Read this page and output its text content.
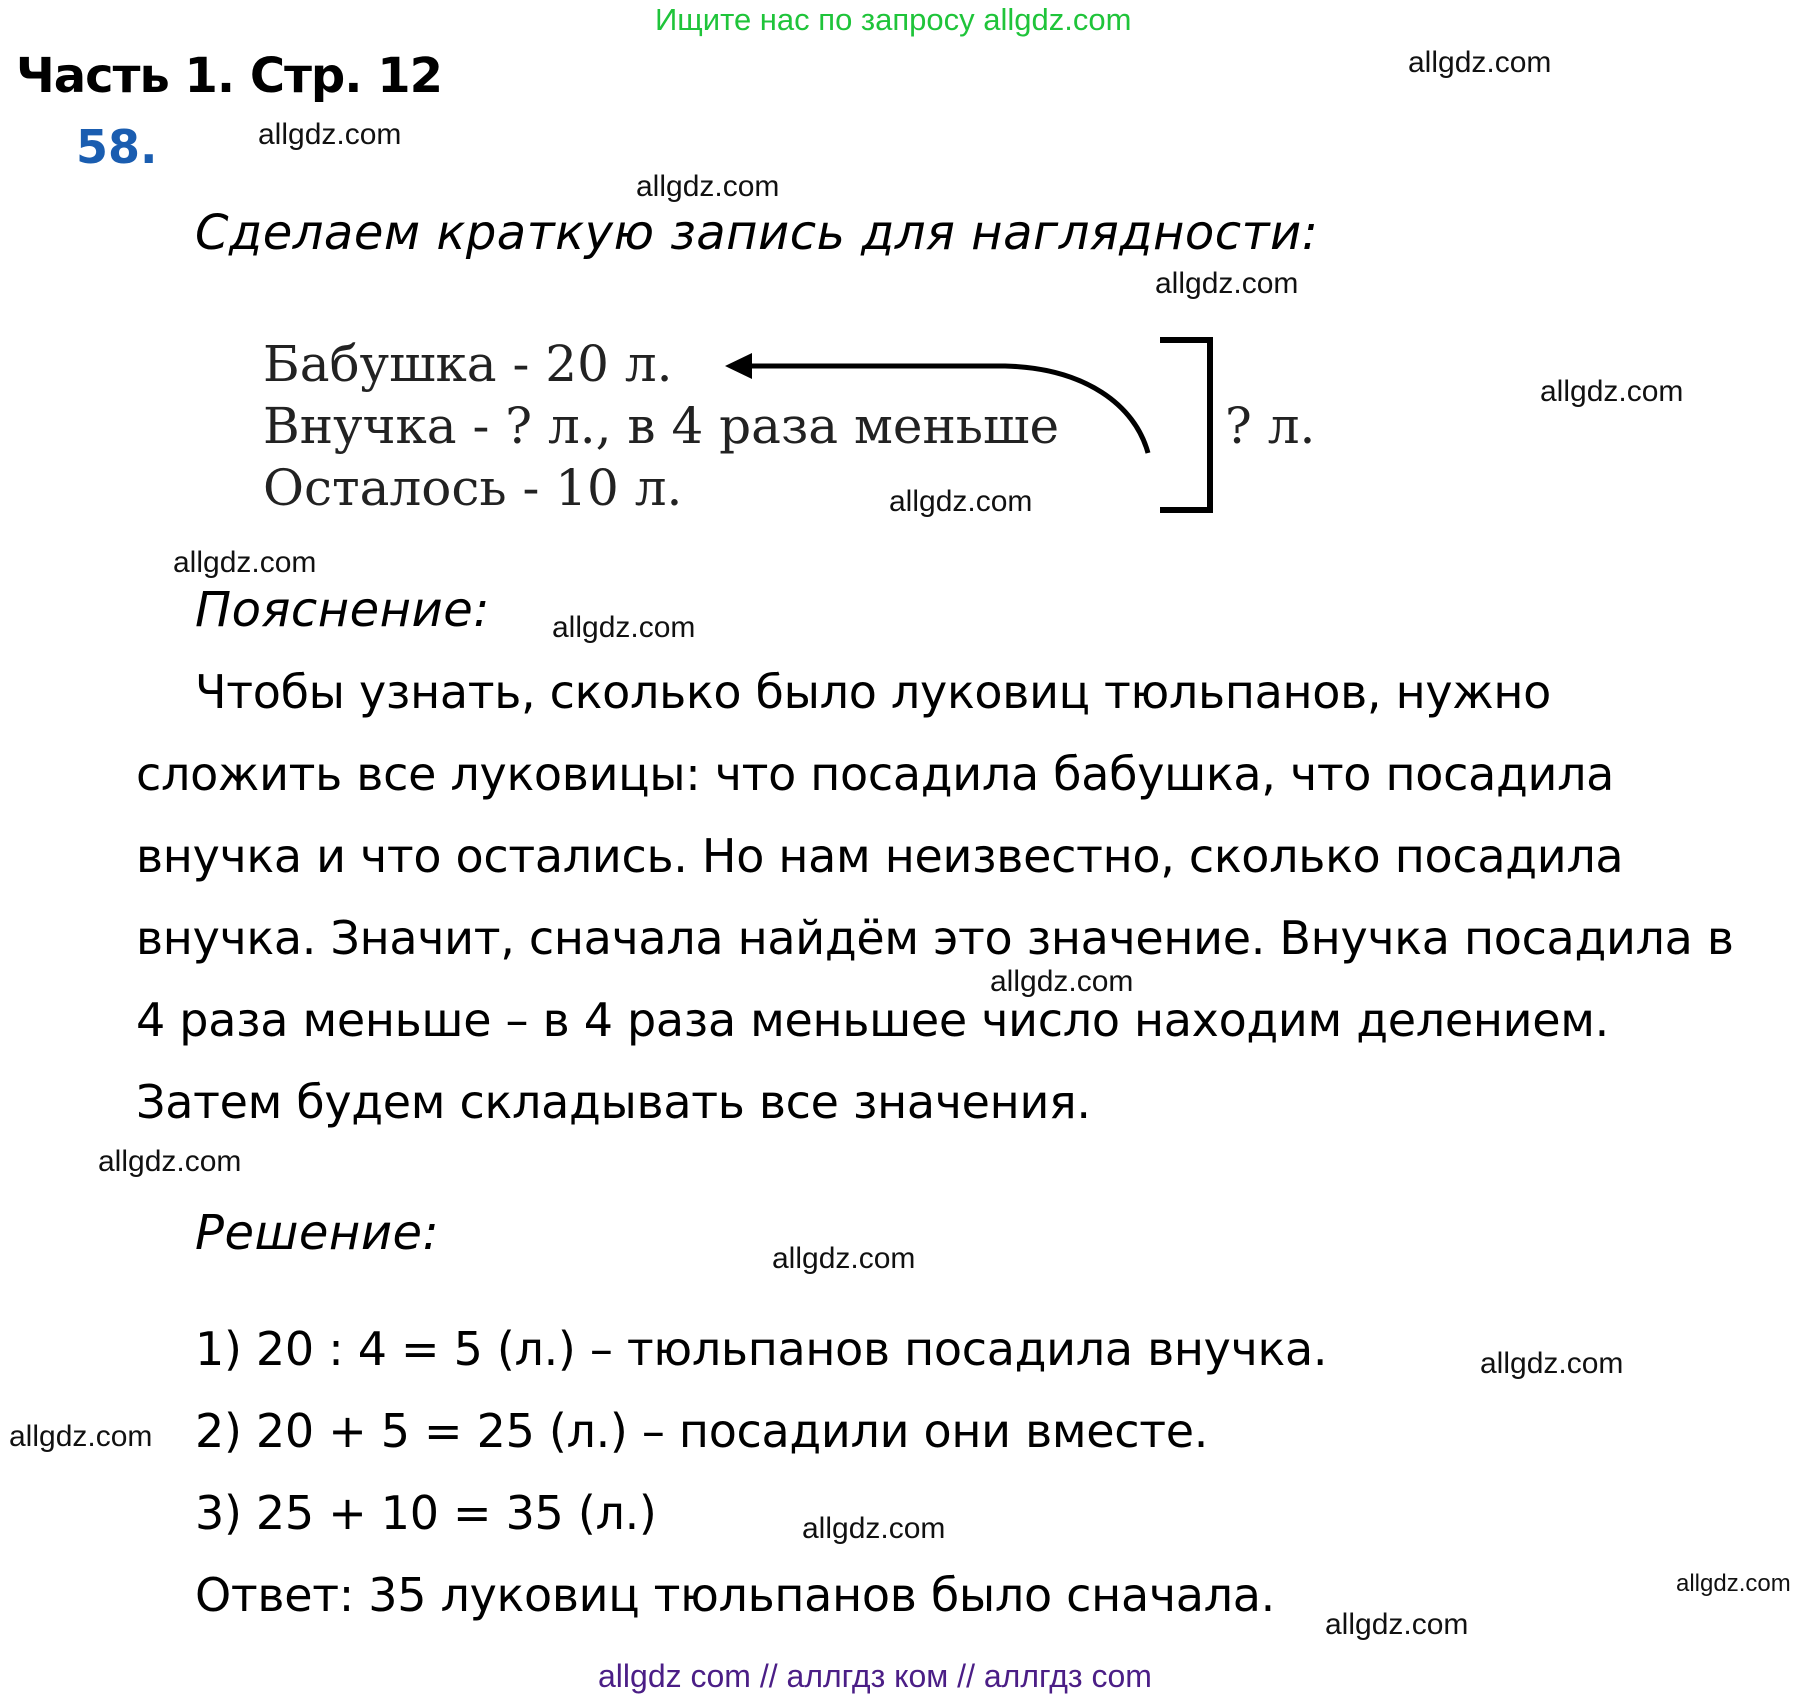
Ищите нас по запросу allgdz.com
Часть 1. Стр. 12
58.
Сделаем краткую запись для наглядности:
Бабушка - 20 л.
Внучка - ? л., в 4 раза меньше
Осталось - 10 л.
? л.
Пояснение:
Чтобы узнать, сколько было луковиц тюльпанов, нужно
сложить все луковицы: что посадила бабушка, что посадила
внучка и что остались. Но нам неизвестно, сколько посадила
внучка. Значит, сначала найдём это значение. Внучка посадила в
4 раза меньше – в 4 раза меньшее число находим делением.
Затем будем складывать все значения.
Решение:
1) 20 : 4 = 5 (л.) – тюльпанов посадила внучка.
2) 20 + 5 = 25 (л.) – посадили они вместе.
3) 25 + 10 = 35 (л.)
Ответ: 35 луковиц тюльпанов было сначала.
allgdz.com
allgdz.com
allgdz.com
allgdz.com
allgdz.com
allgdz.com
allgdz.com
allgdz.com
allgdz.com
allgdz.com
allgdz.com
allgdz.com
allgdz.com
allgdz.com
allgdz.com
allgdz.com
allgdz com // аллгдз ком // аллгдз com
